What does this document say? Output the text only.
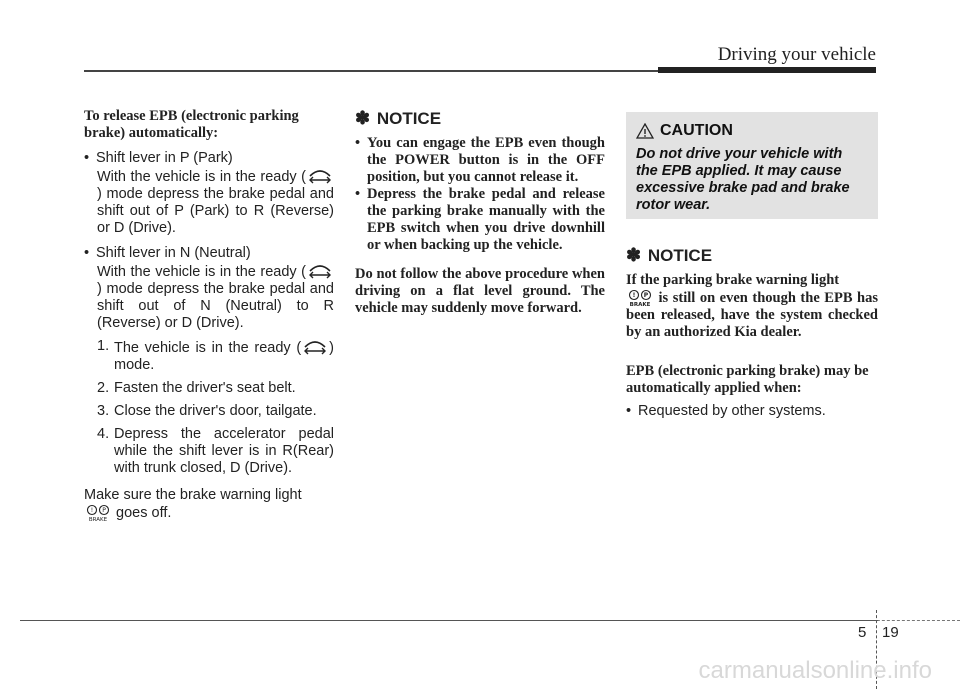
Driving your vehicle

To release EPB (electronic parking brake) automatically:

• Shift lever in P (Park)

With the vehicle is in the ready () mode depress the brake pedal and shift out of P (Park) to R (Reverse) or D (Drive).

• Shift lever in N (Neutral)

With the vehicle is in the ready () mode depress the brake pedal and shift out of N (Neutral) to R (Reverse) or D (Drive).

1. The vehicle is in the ready ( ) mode.
2. Fasten the driver's seat belt.
3. Close the driver's door, tailgate.
4. Depress the accelerator pedal while the shift lever is in R(Rear) with trunk closed, D (Drive).

Make sure the brake warning light

! P
BRAKE goes off.

✽ NOTICE
• You can engage the EPB even though the POWER button is in the OFF position, but you cannot release it.
• Depress the brake pedal and release the parking brake manually with the EPB switch when you drive downhill or when backing up the vehicle.

Do not follow the above procedure when driving on a flat level ground. The vehicle may suddenly move forward.

CAUTION

Do not drive your vehicle with the EPB applied. It may cause excessive brake pad and brake rotor wear.

✽ NOTICE

If the parking brake warning light

! P
BRAKE is still on even though the EPB has been released, have the system checked by an authorized Kia dealer.

EPB (electronic parking brake) may be automatically applied when:

• Requested by other systems.
5 19
carmanualsonline.info
